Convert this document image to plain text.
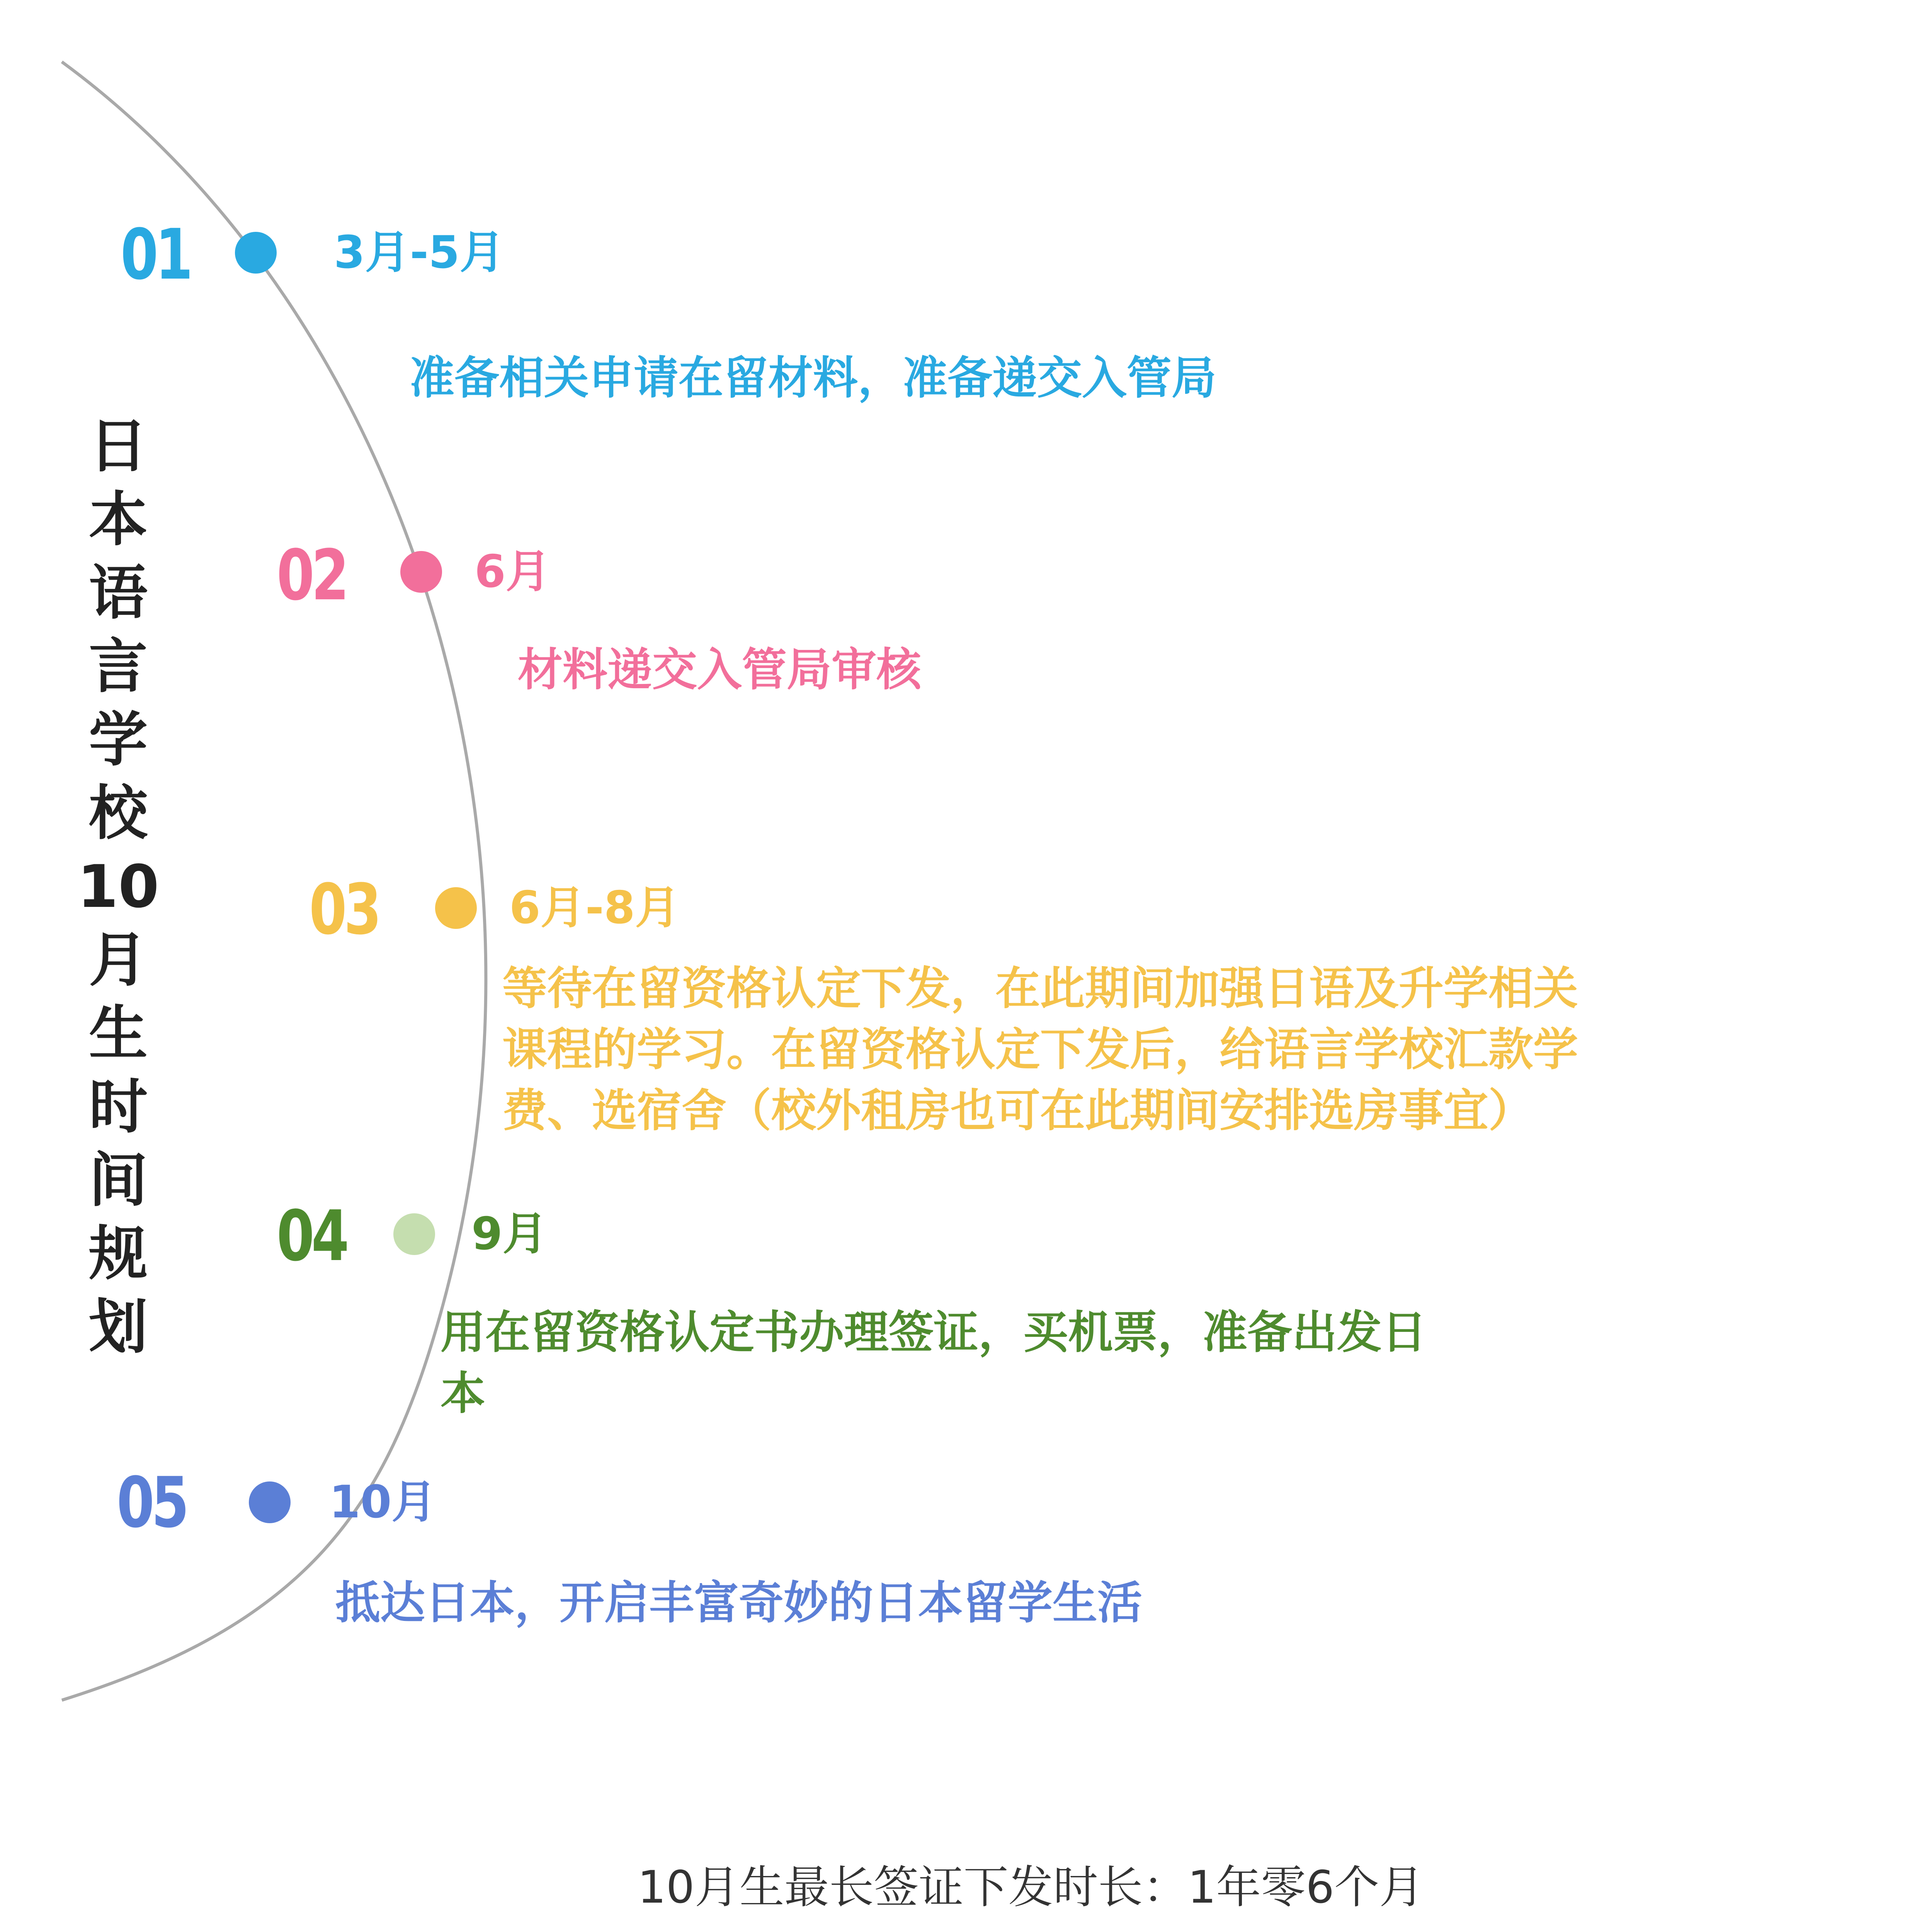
日本语言学校10月生时间规划
01	3月-5月
准备相关申请在留材料，准备递交入管局
02	6月
材料递交入管局审核
03	6月-8月
等待在留资格认定下发，在此期间加强日语及升学相关课程的学习。在留资格认定下发后，给语言学校汇款学费、选宿舍（校外租房也可在此期间安排选房事宜）
04	9月
用在留资格认定书办理签证，买机票，准备出发日本
05	10月
抵达日本，开启丰富奇妙的日本留学生活
10月生最长签证下发时长：1年零6个月
